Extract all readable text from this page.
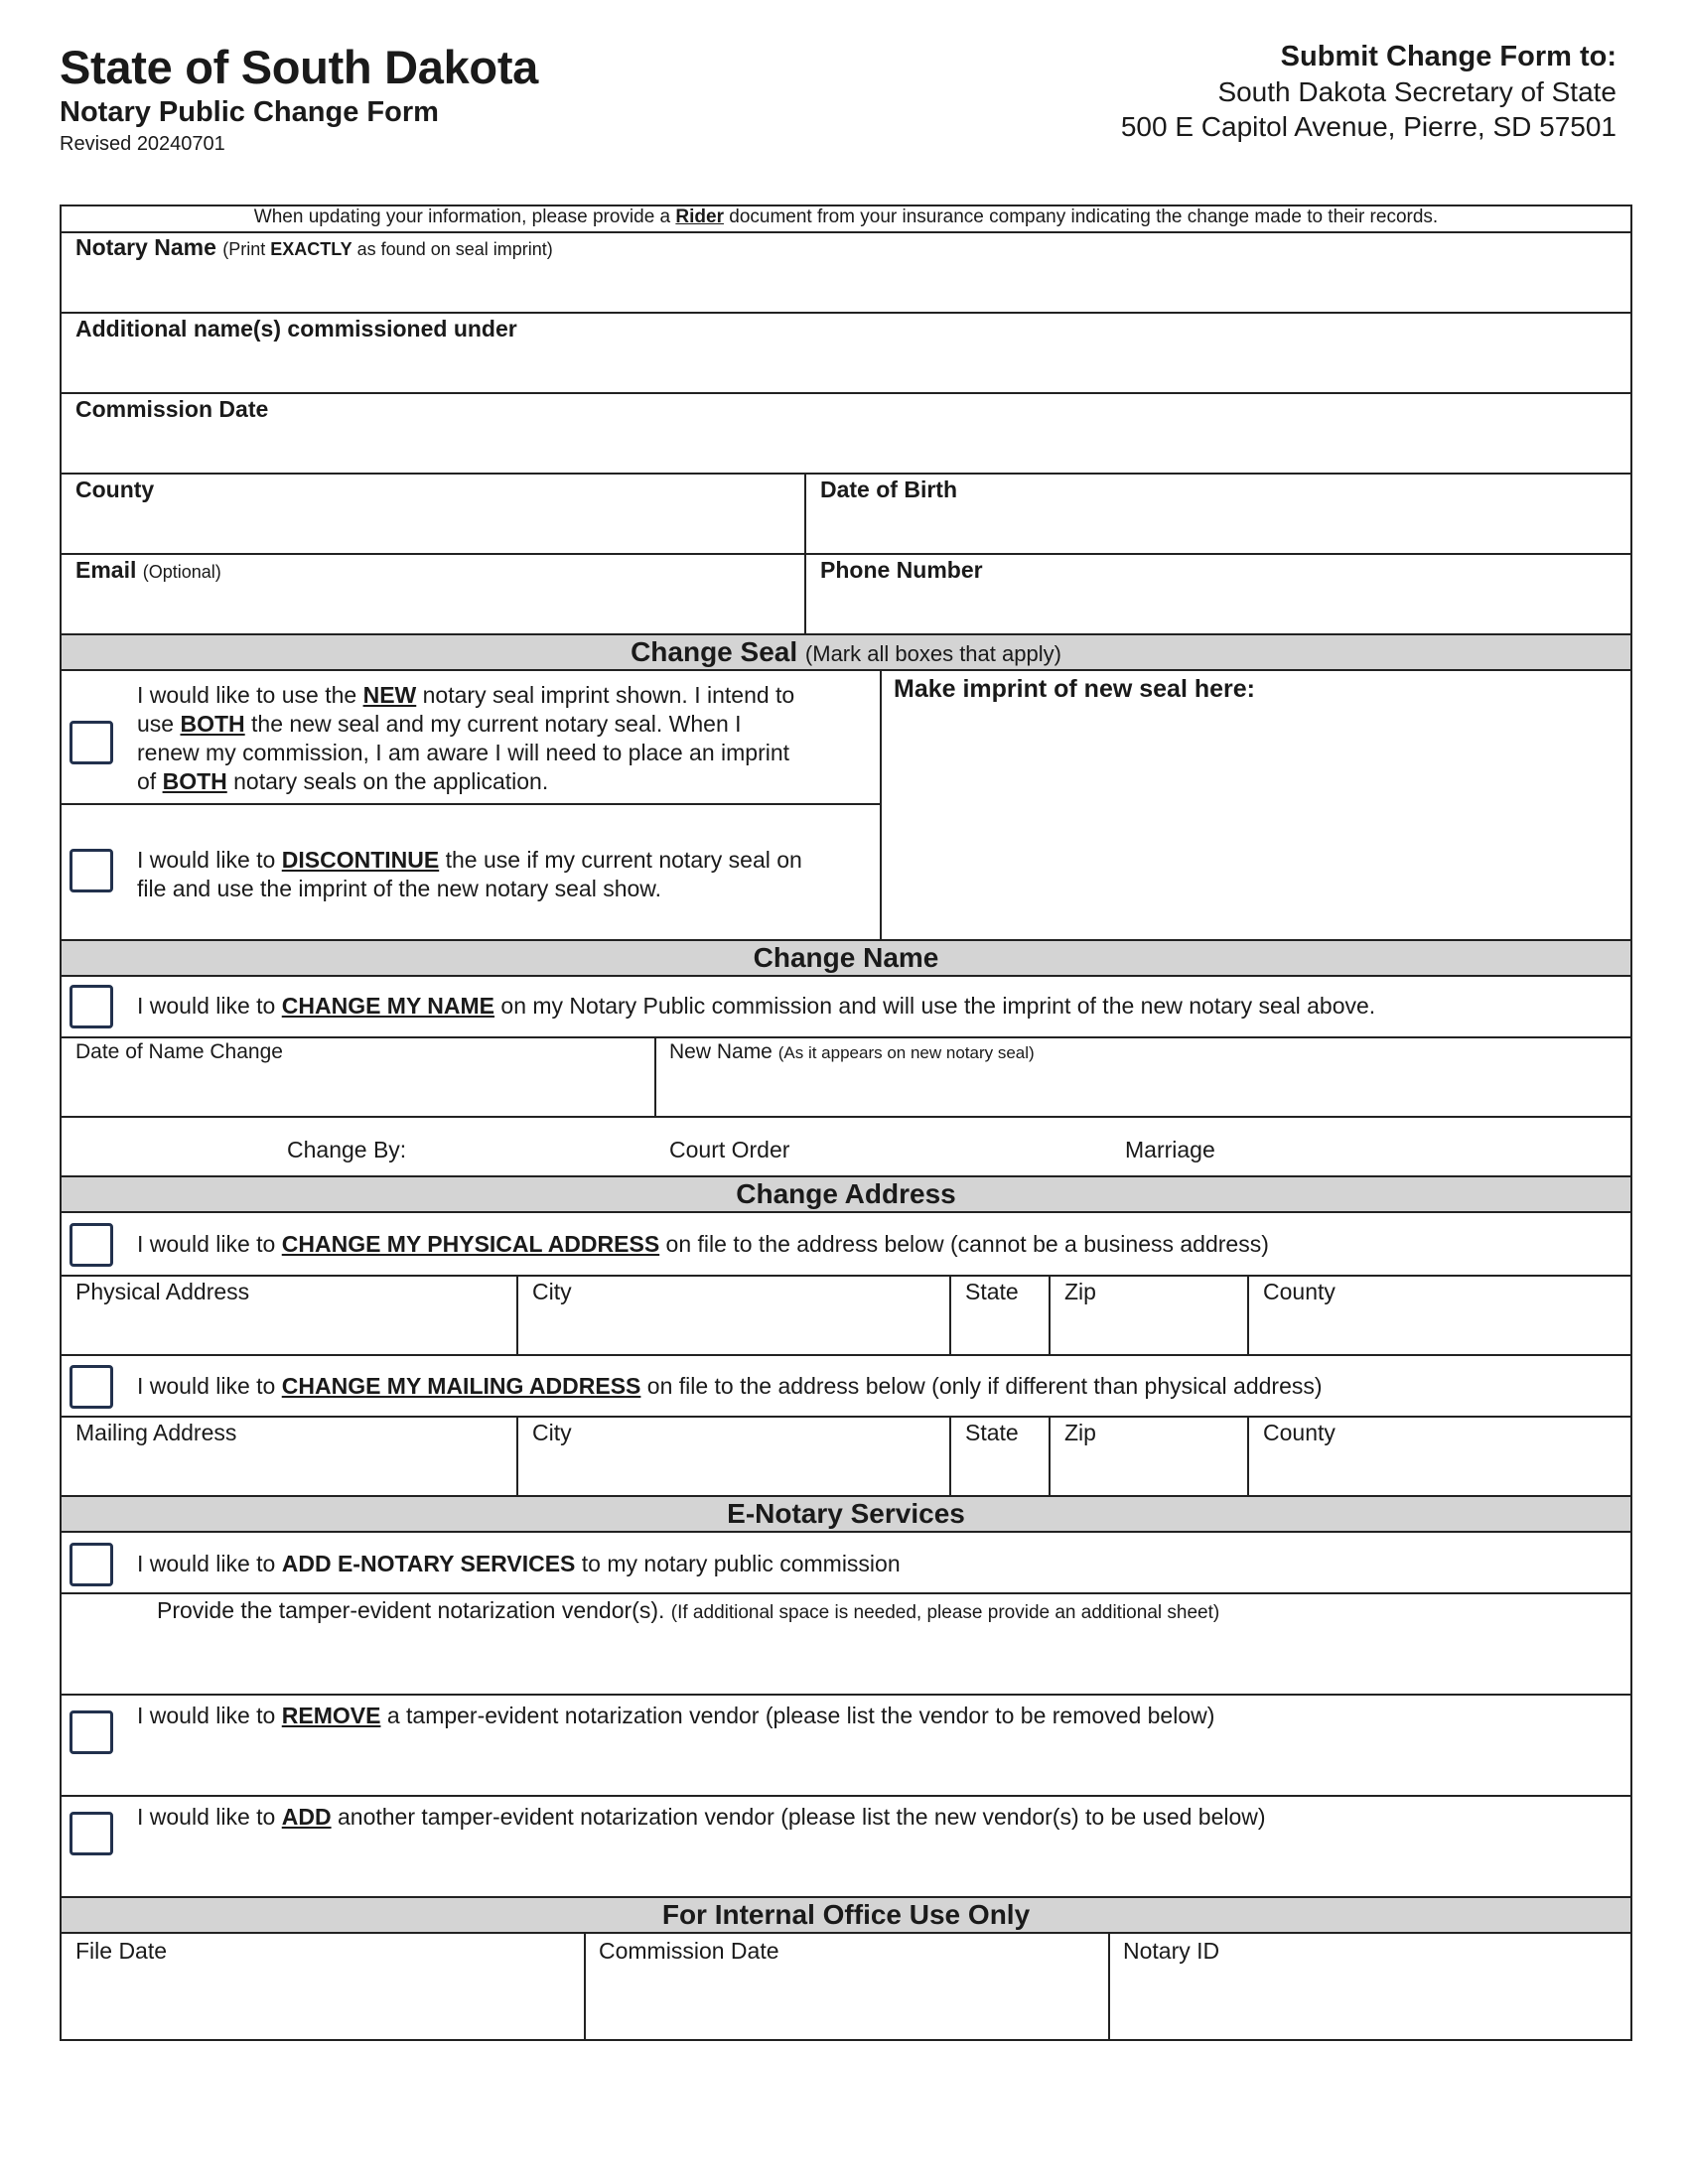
State of South Dakota
Notary Public Change Form
Revised 20240701
Submit Change Form to:
South Dakota Secretary of State
500 E Capitol Avenue, Pierre, SD 57501
When updating your information, please provide a Rider document from your insurance company indicating the change made to their records.
Notary Name (Print EXACTLY as found on seal imprint)
Additional name(s) commissioned under
Commission Date
County	Date of Birth
Email (Optional)	Phone Number
Change Seal (Mark all boxes that apply)
I would like to use the NEW notary seal imprint shown. I intend to use BOTH the new seal and my current notary seal. When I renew my commission, I am aware I will need to place an imprint of BOTH notary seals on the application.
I would like to DISCONTINUE the use if my current notary seal on file and use the imprint of the new notary seal show.
Make imprint of new seal here:
Change Name
I would like to CHANGE MY NAME on my Notary Public commission and will use the imprint of the new notary seal above.
Date of Name Change	New Name (As it appears on new notary seal)
Change By:	Court Order	Marriage
Change Address
I would like to CHANGE MY PHYSICAL ADDRESS on file to the address below (cannot be a business address)
Physical Address	City	State Zip	County
I would like to CHANGE MY MAILING ADDRESS on file to the address below (only if different than physical address)
Mailing Address	City	State Zip	County
E-Notary Services
I would like to ADD E-NOTARY SERVICES to my notary public commission
Provide the tamper-evident notarization vendor(s). (If additional space is needed, please provide an additional sheet)
I would like to REMOVE a tamper-evident notarization vendor (please list the vendor to be removed below)
I would like to ADD another tamper-evident notarization vendor (please list the new vendor(s) to be used below)
For Internal Office Use Only
File Date	Commission Date	Notary ID
